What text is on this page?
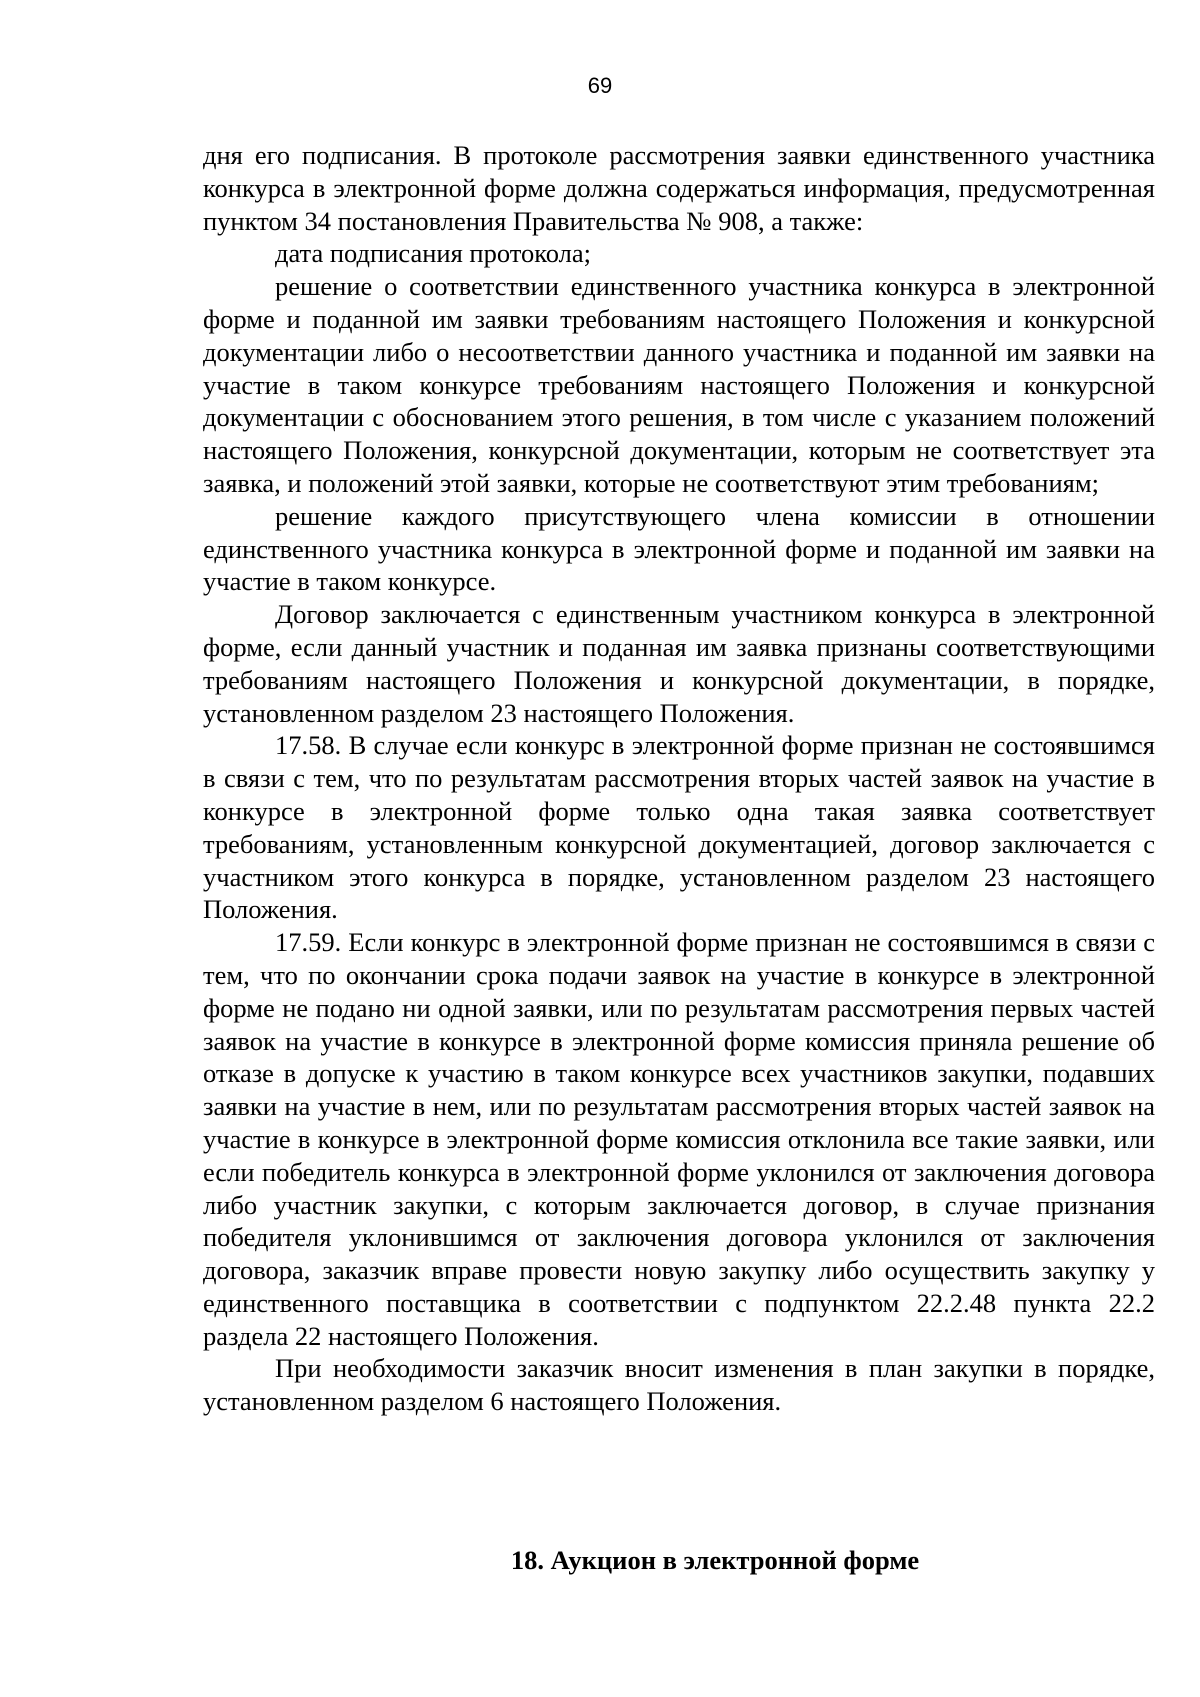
69

дня его подписания. В протоколе рассмотрения заявки единственного участника конкурса в электронной форме должна содержаться информация, предусмотренная пунктом 34 постановления Правительства № 908, а также:

дата подписания протокола;

решение о соответствии единственного участника конкурса в электронной форме и поданной им заявки требованиям настоящего Положения и конкурсной документации либо о несоответствии данного участника и поданной им заявки на участие в таком конкурсе требованиям настоящего Положения и конкурсной документации с обоснованием этого решения, в том числе с указанием положений настоящего Положения, конкурсной документации, которым не соответствует эта заявка, и положений этой заявки, которые не соответствуют этим требованиям;

решение каждого присутствующего члена комиссии в отношении единственного участника конкурса в электронной форме и поданной им заявки на участие в таком конкурсе.

Договор заключается с единственным участником конкурса в электронной форме, если данный участник и поданная им заявка признаны соответствующими требованиям настоящего Положения и конкурсной документации, в порядке, установленном разделом 23 настоящего Положения.

17.58. В случае если конкурс в электронной форме признан не состоявшимся в связи с тем, что по результатам рассмотрения вторых частей заявок на участие в конкурсе в электронной форме только одна такая заявка соответствует требованиям, установленным конкурсной документацией, договор заключается с участником этого конкурса в порядке, установленном разделом 23 настоящего Положения.

17.59. Если конкурс в электронной форме признан не состоявшимся в связи с тем, что по окончании срока подачи заявок на участие в конкурсе в электронной форме не подано ни одной заявки, или по результатам рассмотрения первых частей заявок на участие в конкурсе в электронной форме комиссия приняла решение об отказе в допуске к участию в таком конкурсе всех участников закупки, подавших заявки на участие в нем, или по результатам рассмотрения вторых частей заявок на участие в конкурсе в электронной форме комиссия отклонила все такие заявки, или если победитель конкурса в электронной форме уклонился от заключения договора либо участник закупки, с которым заключается договор, в случае признания победителя уклонившимся от заключения договора уклонился от заключения договора, заказчик вправе провести новую закупку либо осуществить закупку у единственного поставщика в соответствии с подпунктом 22.2.48 пункта 22.2 раздела 22 настоящего Положения.

При необходимости заказчик вносит изменения в план закупки в порядке, установленном разделом 6 настоящего Положения.

18. Аукцион в электронной форме
